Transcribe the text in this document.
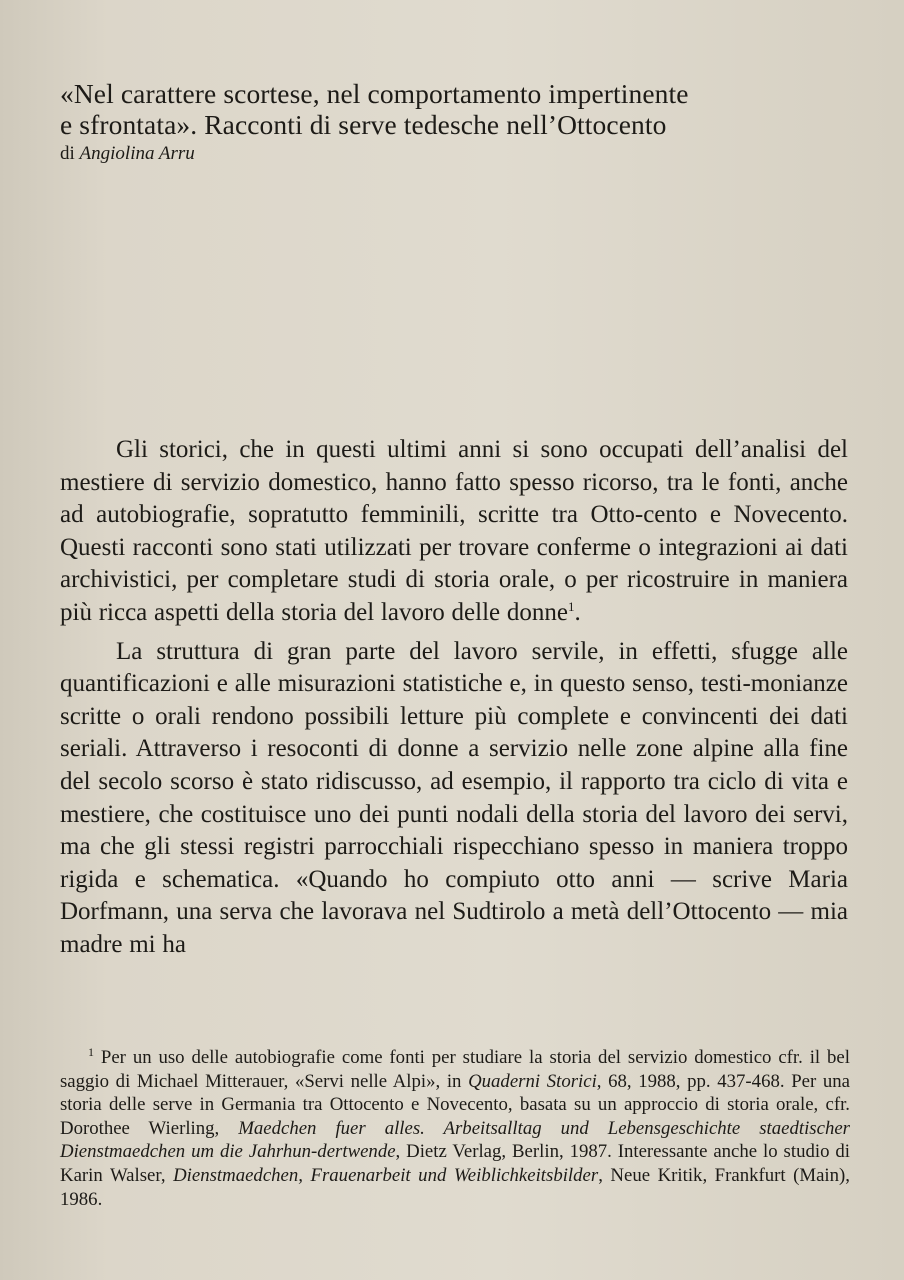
«Nel carattere scortese, nel comportamento impertinente
e sfrontata». Racconti di serve tedesche nell’Ottocento
di Angiolina Arru

Gli storici, che in questi ultimi anni si sono occupati dell’analisi del mestiere di servizio domestico, hanno fatto spesso ricorso, tra le fonti, anche ad autobiografie, sopratutto femminili, scritte tra Otto-cento e Novecento. Questi racconti sono stati utilizzati per trovare conferme o integrazioni ai dati archivistici, per completare studi di storia orale, o per ricostruire in maniera più ricca aspetti della storia del lavoro delle donne$^1$.

La struttura di gran parte del lavoro servile, in effetti, sfugge alle quantificazioni e alle misurazioni statistiche e, in questo senso, testi-monianze scritte o orali rendono possibili letture più complete e convincenti dei dati seriali. Attraverso i resoconti di donne a servizio nelle zone alpine alla fine del secolo scorso è stato ridiscusso, ad esempio, il rapporto tra ciclo di vita e mestiere, che costituisce uno dei punti nodali della storia del lavoro dei servi, ma che gli stessi registri parrocchiali rispecchiano spesso in maniera troppo rigida e schematica. «Quando ho compiuto otto anni — scrive Maria Dorfmann, una serva che lavorava nel Sudtirolo a metà dell’Ottocento — mia madre mi ha

$^1$ Per un uso delle autobiografie come fonti per studiare la storia del servizio domestico cfr. il bel saggio di Michael Mitterauer, «Servi nelle Alpi», in Quaderni Storici, 68, 1988, pp. 437-468. Per una storia delle serve in Germania tra Ottocento e Novecento, basata su un approccio di storia orale, cfr. Dorothee Wierling, Maedchen fuer alles. Arbeitsalltag und Lebensgeschichte staedtischer Dienstmaedchen um die Jahrhun-dertwende, Dietz Verlag, Berlin, 1987. Interessante anche lo studio di Karin Walser, Dienstmaedchen, Frauenarbeit und Weiblichkeitsbilder, Neue Kritik, Frankfurt (Main), 1986.
